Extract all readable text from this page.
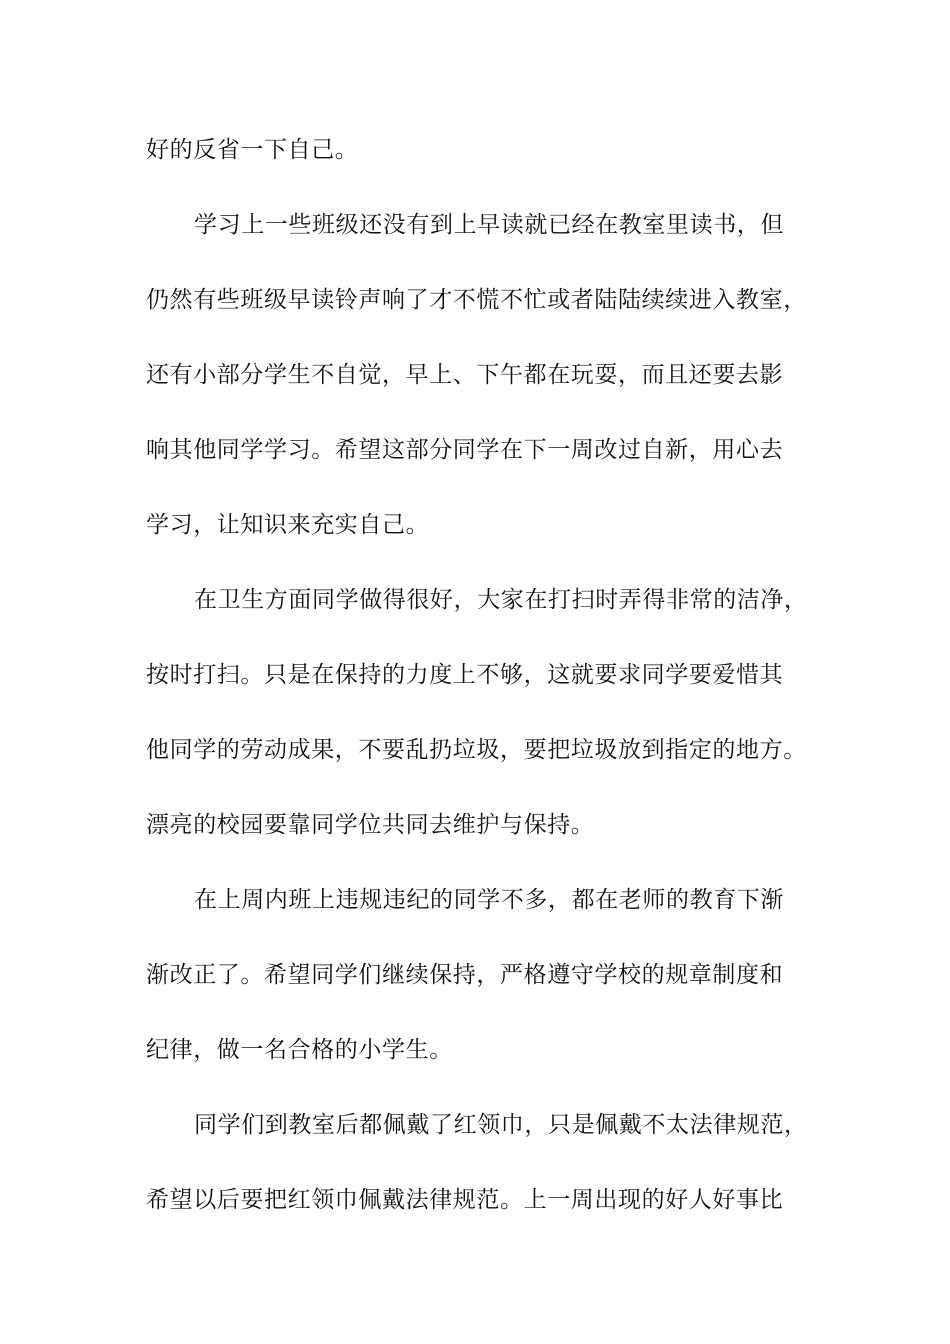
好的反省一下自己。
学习上一些班级还没有到上早读就已经在教室里读书，但
仍然有些班级早读铃声响了才不慌不忙或者陆陆续续进入教室，
还有小部分学生不自觉，早上、下午都在玩耍，而且还要去影
响其他同学学习。希望这部分同学在下一周改过自新，用心去
学习，让知识来充实自己。
在卫生方面同学做得很好，大家在打扫时弄得非常的洁净，
按时打扫。只是在保持的力度上不够，这就要求同学要爱惜其
他同学的劳动成果，不要乱扔垃圾，要把垃圾放到指定的地方。
漂亮的校园要靠同学位共同去维护与保持。
在上周内班上违规违纪的同学不多，都在老师的教育下渐
渐改正了。希望同学们继续保持，严格遵守学校的规章制度和
纪律，做一名合格的小学生。
同学们到教室后都佩戴了红领巾，只是佩戴不太法律规范，
希望以后要把红领巾佩戴法律规范。上一周出现的好人好事比
